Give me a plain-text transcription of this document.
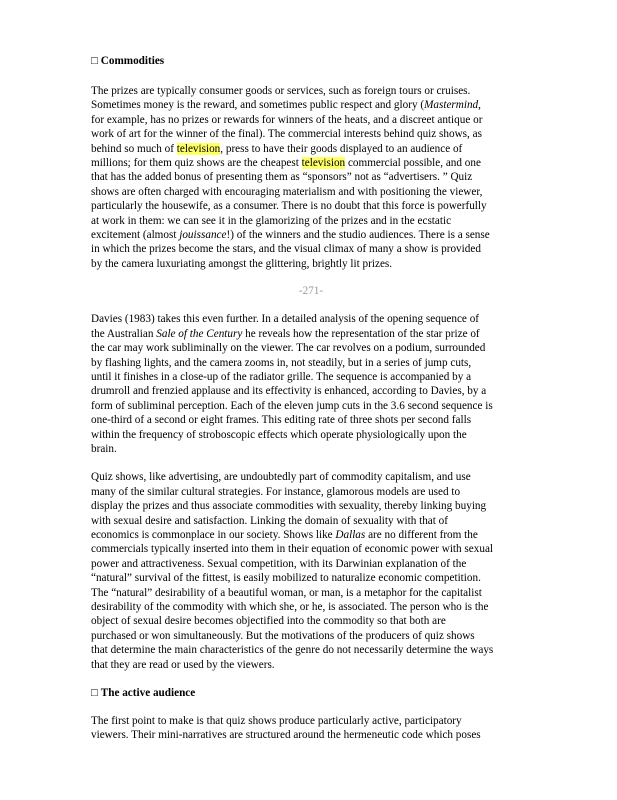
□ Commodities

The prizes are typically consumer goods or services, such as foreign tours or cruises.
Sometimes money is the reward, and sometimes public respect and glory (Mastermind,
for example, has no prizes or rewards for winners of the heats, and a discreet antique or
work of art for the winner of the final). The commercial interests behind quiz shows, as
behind so much of television, press to have their goods displayed to an audience of
millions; for them quiz shows are the cheapest television commercial possible, and one
that has the added bonus of presenting them as “sponsors” not as “advertisers. ” Quiz
shows are often charged with encouraging materialism and with positioning the viewer,
particularly the housewife, as a consumer. There is no doubt that this force is powerfully
at work in them: we can see it in the glamorizing of the prizes and in the ecstatic
excitement (almost jouissance!) of the winners and the studio audiences. There is a sense
in which the prizes become the stars, and the visual climax of many a show is provided
by the camera luxuriating amongst the glittering, brightly lit prizes.

-271-

Davies (1983) takes this even further. In a detailed analysis of the opening sequence of
the Australian Sale of the Century he reveals how the representation of the star prize of
the car may work subliminally on the viewer. The car revolves on a podium, surrounded
by flashing lights, and the camera zooms in, not steadily, but in a series of jump cuts,
until it finishes in a close-up of the radiator grille. The sequence is accompanied by a
drumroll and frenzied applause and its effectivity is enhanced, according to Davies, by a
form of subliminal perception. Each of the eleven jump cuts in the 3.6 second sequence is
one-third of a second or eight frames. This editing rate of three shots per second falls
within the frequency of stroboscopic effects which operate physiologically upon the
brain.

Quiz shows, like advertising, are undoubtedly part of commodity capitalism, and use
many of the similar cultural strategies. For instance, glamorous models are used to
display the prizes and thus associate commodities with sexuality, thereby linking buying
with sexual desire and satisfaction. Linking the domain of sexuality with that of
economics is commonplace in our society. Shows like Dallas are no different from the
commercials typically inserted into them in their equation of economic power with sexual
power and attractiveness. Sexual competition, with its Darwinian explanation of the
“natural” survival of the fittest, is easily mobilized to naturalize economic competition.
The “natural” desirability of a beautiful woman, or man, is a metaphor for the capitalist
desirability of the commodity with which she, or he, is associated. The person who is the
object of sexual desire becomes objectified into the commodity so that both are
purchased or won simultaneously. But the motivations of the producers of quiz shows
that determine the main characteristics of the genre do not necessarily determine the ways
that they are read or used by the viewers.

□ The active audience

The first point to make is that quiz shows produce particularly active, participatory
viewers. Their mini-narratives are structured around the hermeneutic code which poses
